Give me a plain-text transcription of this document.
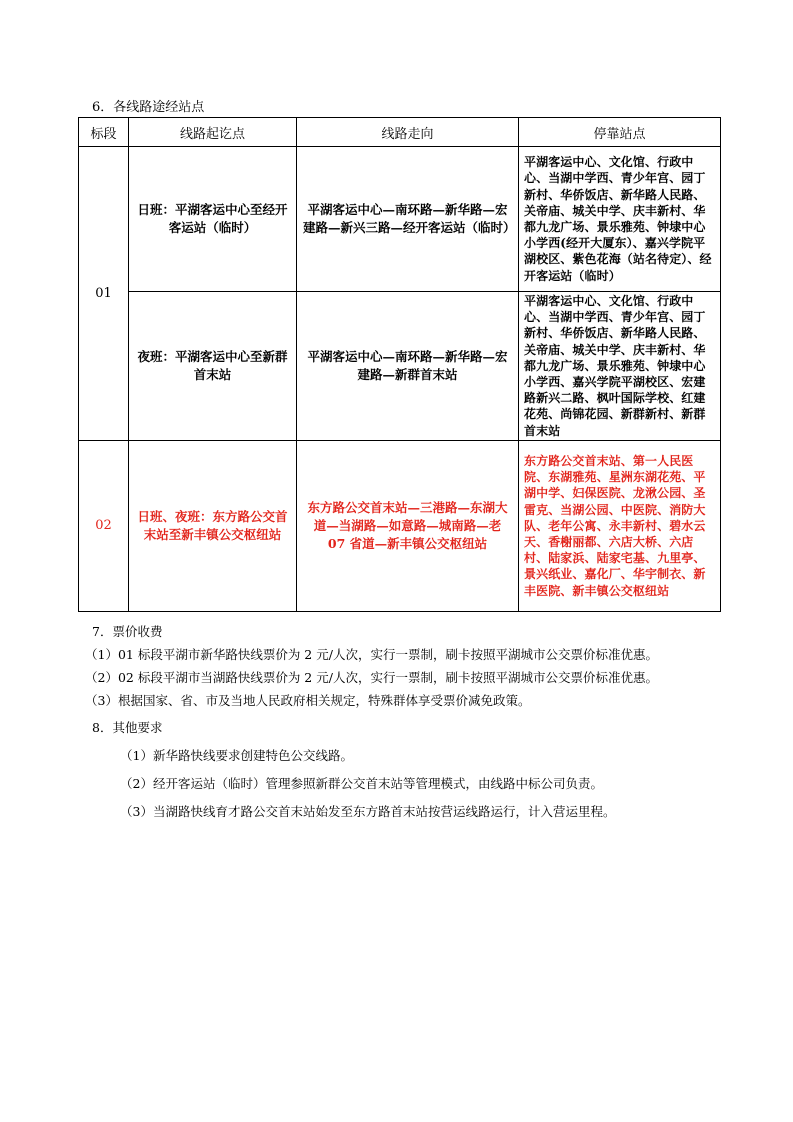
6．各线路途经站点
标段	线路起讫点	线路走向	停靠站点
01	日班：平湖客运中心至经开客运站（临时）	平湖客运中心—南环路—新华路—宏建路—新兴三路—经开客运站（临时）	平湖客运中心、文化馆、行政中心、当湖中学西、青少年宫、园丁新村、华侨饭店、新华路人民路、关帝庙、城关中学、庆丰新村、华都九龙广场、景乐雅苑、钟埭中心小学西(经开大厦东）、嘉兴学院平湖校区、紫色花海（站名待定）、经开客运站（临时）
	夜班：平湖客运中心至新群首末站	平湖客运中心—南环路—新华路—宏建路—新群首末站	平湖客运中心、文化馆、行政中心、当湖中学西、青少年宫、园丁新村、华侨饭店、新华路人民路、关帝庙、城关中学、庆丰新村、华都九龙广场、景乐雅苑、钟埭中心小学西、嘉兴学院平湖校区、宏建路新兴二路、枫叶国际学校、红建花苑、尚锦花园、新群新村、新群首末站
02	日班、夜班：东方路公交首末站至新丰镇公交枢纽站	东方路公交首末站—三港路—东湖大道—当湖路—如意路—城南路—老 07 省道—新丰镇公交枢纽站	东方路公交首末站、第一人民医院、东湖雅苑、星洲东湖花苑、平湖中学、妇保医院、龙湫公园、圣雷克、当湖公园、中医院、消防大队、老年公寓、永丰新村、碧水云天、香榭丽都、六店大桥、六店村、陆家浜、陆家宅基、九里亭、景兴纸业、嘉化厂、华宇制衣、新丰医院、新丰镇公交枢纽站
7．票价收费
（1）01 标段平湖市新华路快线票价为 2 元/人次，实行一票制，刷卡按照平湖城市公交票价标准优惠。
（2）02 标段平湖市当湖路快线票价为 2 元/人次，实行一票制，刷卡按照平湖城市公交票价标准优惠。
（3）根据国家、省、市及当地人民政府相关规定，特殊群体享受票价减免政策。
8．其他要求
（1）新华路快线要求创建特色公交线路。
（2）经开客运站（临时）管理参照新群公交首末站等管理模式，由线路中标公司负责。
（3）当湖路快线育才路公交首末站始发至东方路首末站按营运线路运行，计入营运里程。
